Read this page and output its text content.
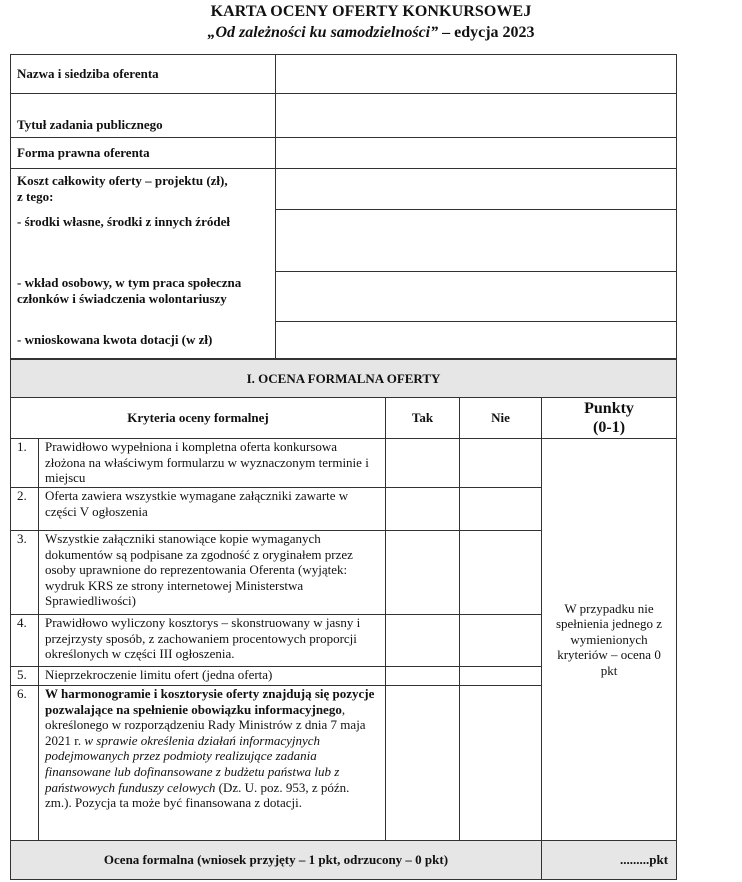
KARTA OCENY OFERTY KONKURSOWEJ
„Od zależności ku samodzielności” – edycja 2023
Nazwa i siedziba oferenta	
Tytuł zadania publicznego	
Forma prawna oferenta	
Koszt całkowity oferty – projektu (zł),
z tego:	
- środki własne, środki z innych źródeł	
- wkład osobowy, w tym praca społeczna członków i świadczenia wolontariuszy	
- wnioskowana kwota dotacji (w zł)	
I. OCENA FORMALNA OFERTY				
Kryteria oceny formalnej		Tak	Nie	Punkty
(0-1)
1.	Prawidłowo wypełniona i kompletna oferta konkursowa złożona na właściwym formularzu w wyznaczonym terminie i miejscu			W przypadku nie spełnienia jednego z wymienionych kryteriów – ocena 0 pkt
2.	Oferta zawiera wszystkie wymagane załączniki zawarte w części V ogłoszenia			
3.	Wszystkie załączniki stanowiące kopie wymaganych dokumentów są podpisane za zgodność z oryginałem przez osoby uprawnione do reprezentowania Oferenta (wyjątek: wydruk KRS ze strony internetowej Ministerstwa Sprawiedliwości)			
4.	Prawidłowo wyliczony kosztorys – skonstruowany w jasny i przejrzysty sposób, z zachowaniem procentowych proporcji określonych w części III ogłoszenia.			
5.	Nieprzekroczenie limitu ofert (jedna oferta)			
6.	W harmonogramie i kosztorysie oferty znajdują się pozycje pozwalające na spełnienie obowiązku informacyjnego, określonego w rozporządzeniu Rady Ministrów z dnia 7 maja 2021 r. w sprawie określenia działań informacyjnych podejmowanych przez podmioty realizujące zadania finansowane lub dofinansowane z budżetu państwa lub z państwowych funduszy celowych (Dz. U. poz. 953, z późn. zm.). Pozycja ta może być finansowana z dotacji.			
Ocena formalna (wniosek przyjęty – 1 pkt, odrzucony – 0 pkt)				.........pkt
